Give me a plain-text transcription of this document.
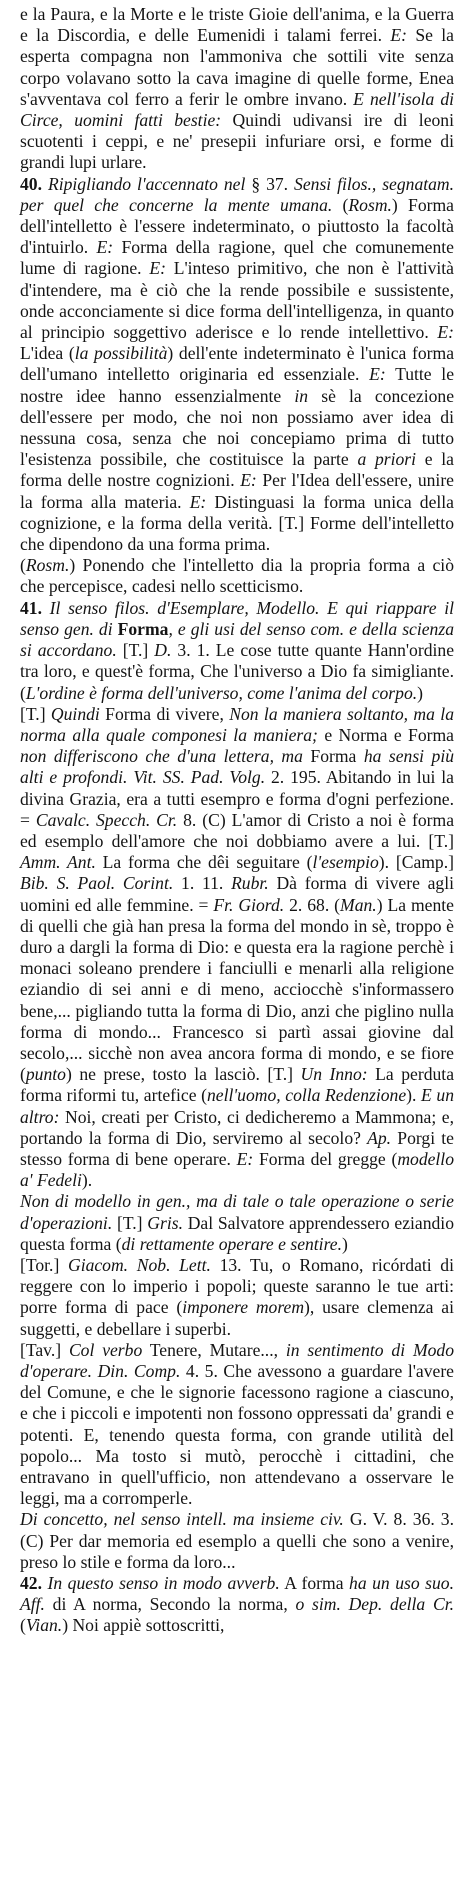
e la Paura, e la Morte e le triste Gioie dell'anima, e la Guerra e la Discordia, e delle Eumenidi i talami ferrei. E: Se la esperta compagna non l'ammoniva che sottili vite senza corpo volavano sotto la cava imagine di quelle forme, Enea s'avventava col ferro a ferir le ombre invano. E nell'isola di Circe, uomini fatti bestie: Quindi udivansi ire di leoni scuotenti i ceppi, e ne' presepii infuriare orsi, e forme di grandi lupi urlare.

40. Ripigliando l'accennato nel § 37. Sensi filos., segnatam. per quel che concerne la mente umana. (Rosm.) Forma dell'intelletto è l'essere indeterminato, o piuttosto la facoltà d'intuirlo. E: Forma della ragione, quel che comunemente lume di ragione. E: L'inteso primitivo, che non è l'attività d'intendere, ma è ciò che la rende possibile e sussistente, onde acconciamente si dice forma dell'intelligenza, in quanto al principio soggettivo aderisce e lo rende intellettivo. E: L'idea (la possibilità) dell'ente indeterminato è l'unica forma dell'umano intelletto originaria ed essenziale. E: Tutte le nostre idee hanno essenzialmente in sè la concezione dell'essere per modo, che noi non possiamo aver idea di nessuna cosa, senza che noi concepiamo prima di tutto l'esistenza possibile, che costituisce la parte a priori e la forma delle nostre cognizioni. E: Per l'Idea dell'essere, unire la forma alla materia. E: Distinguasi la forma unica della cognizione, e la forma della verità. [T.] Forme dell'intelletto che dipendono da una forma prima.

(Rosm.) Ponendo che l'intelletto dia la propria forma a ciò che percepisce, cadesi nello scetticismo.

41. Il senso filos. d'Esemplare, Modello. E qui riappare il senso gen. di Forma, e gli usi del senso com. e della scienza si accordano. [T.] D. 3. 1. Le cose tutte quante Hann'ordine tra loro, e quest'è forma, Che l'universo a Dio fa simigliante. (L'ordine è forma dell'universo, come l'anima del corpo.)

[T.] Quindi Forma di vivere, Non la maniera soltanto, ma la norma alla quale componesi la maniera; e Norma e Forma non differiscono che d'una lettera, ma Forma ha sensi più alti e profondi. Vit. SS. Pad. Volg. 2. 195. Abitando in lui la divina Grazia, era a tutti esempro e forma d'ogni perfezione. = Cavalc. Specch. Cr. 8. (C) L'amor di Cristo a noi è forma ed esemplo dell'amore che noi dobbiamo avere a lui. [T.] Amm. Ant. La forma che dêi seguitare (l'esempio). [Camp.] Bib. S. Paol. Corint. 1. 11. Rubr. Dà forma di vivere agli uomini ed alle femmine. = Fr. Giord. 2. 68. (Man.) La mente di quelli che già han presa la forma del mondo in sè, troppo è duro a dargli la forma di Dio: e questa era la ragione perchè i monaci soleano prendere i fanciulli e menarli alla religione eziandio di sei anni e di meno, acciocchè s'informassero bene,... pigliando tutta la forma di Dio, anzi che piglino nulla forma di mondo... Francesco si partì assai giovine dal secolo,... sicchè non avea ancora forma di mondo, e se fiore (punto) ne prese, tosto la lasciò. [T.] Un Inno: La perduta forma riformi tu, artefice (nell'uomo, colla Redenzione). E un altro: Noi, creati per Cristo, ci dedicheremo a Mammona; e, portando la forma di Dio, serviremo al secolo? Ap. Porgi te stesso forma di bene operare. E: Forma del gregge (modello a' Fedeli).

Non di modello in gen., ma di tale o tale operazione o serie d'operazioni. [T.] Gris. Dal Salvatore apprendessero eziandio questa forma (di rettamente operare e sentire.)

[Tor.] Giacom. Nob. Lett. 13. Tu, o Romano, ricórdati di reggere con lo imperio i popoli; queste saranno le tue arti: porre forma di pace (imponere morem), usare clemenza ai suggetti, e debellare i superbi.

[Tav.] Col verbo Tenere, Mutare..., in sentimento di Modo d'operare. Din. Comp. 4. 5. Che avessono a guardare l'avere del Comune, e che le signorie facessono ragione a ciascuno, e che i piccoli e impotenti non fossono oppressati da' grandi e potenti. E, tenendo questa forma, con grande utilità del popolo... Ma tosto si mutò, perocchè i cittadini, che entravano in quell'ufficio, non attendevano a osservare le leggi, ma a corromperle.

Di concetto, nel senso intell. ma insieme civ. G. V. 8. 36. 3. (C) Per dar memoria ed esemplo a quelli che sono a venire, preso lo stile e forma da loro...

42. In questo senso in modo avverb. A forma ha un uso suo. Aff. di A norma, Secondo la norma, o sim. Dep. della Cr. (Vian.) Noi appiè sottoscritti,
